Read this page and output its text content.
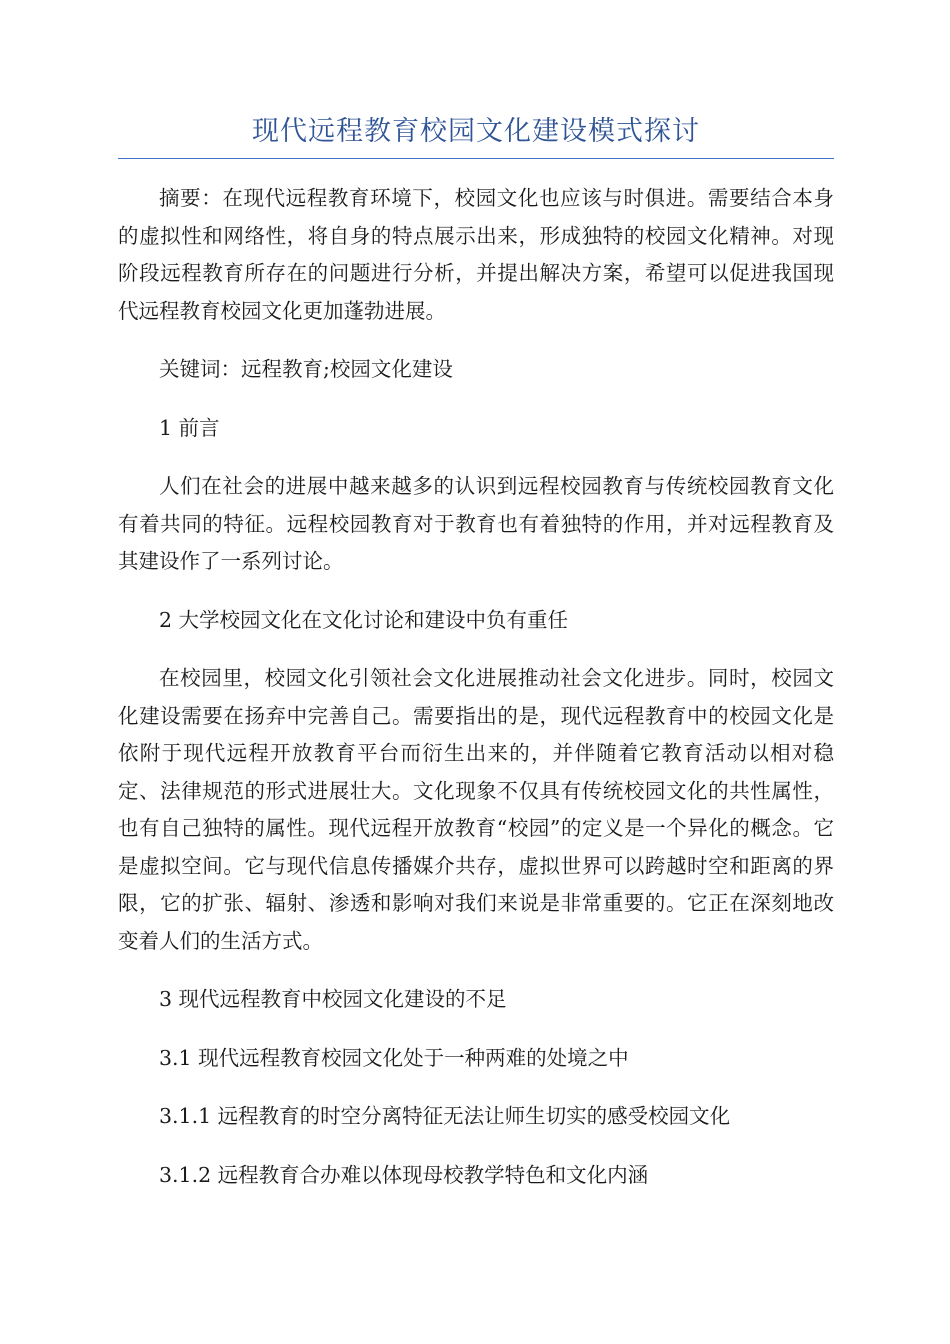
现代远程教育校园文化建设模式探讨

摘要：在现代远程教育环境下，校园文化也应该与时俱进。需要结合本身的虚拟性和网络性，将自身的特点展示出来，形成独特的校园文化精神。对现阶段远程教育所存在的问题进行分析，并提出解决方案，希望可以促进我国现代远程教育校园文化更加蓬勃进展。

关键词：远程教育;校园文化建设

1 前言

人们在社会的进展中越来越多的认识到远程校园教育与传统校园教育文化有着共同的特征。远程校园教育对于教育也有着独特的作用，并对远程教育及其建设作了一系列讨论。

2 大学校园文化在文化讨论和建设中负有重任

在校园里，校园文化引领社会文化进展推动社会文化进步。同时，校园文化建设需要在扬弃中完善自己。需要指出的是，现代远程教育中的校园文化是依附于现代远程开放教育平台而衍生出来的，并伴随着它教育活动以相对稳定、法律规范的形式进展壮大。文化现象不仅具有传统校园文化的共性属性，也有自己独特的属性。现代远程开放教育“校园”的定义是一个异化的概念。它是虚拟空间。它与现代信息传播媒介共存，虚拟世界可以跨越时空和距离的界限，它的扩张、辐射、渗透和影响对我们来说是非常重要的。它正在深刻地改变着人们的生活方式。

3 现代远程教育中校园文化建设的不足

3.1 现代远程教育校园文化处于一种两难的处境之中

3.1.1 远程教育的时空分离特征无法让师生切实的感受校园文化

3.1.2 远程教育合办难以体现母校教学特色和文化内涵
